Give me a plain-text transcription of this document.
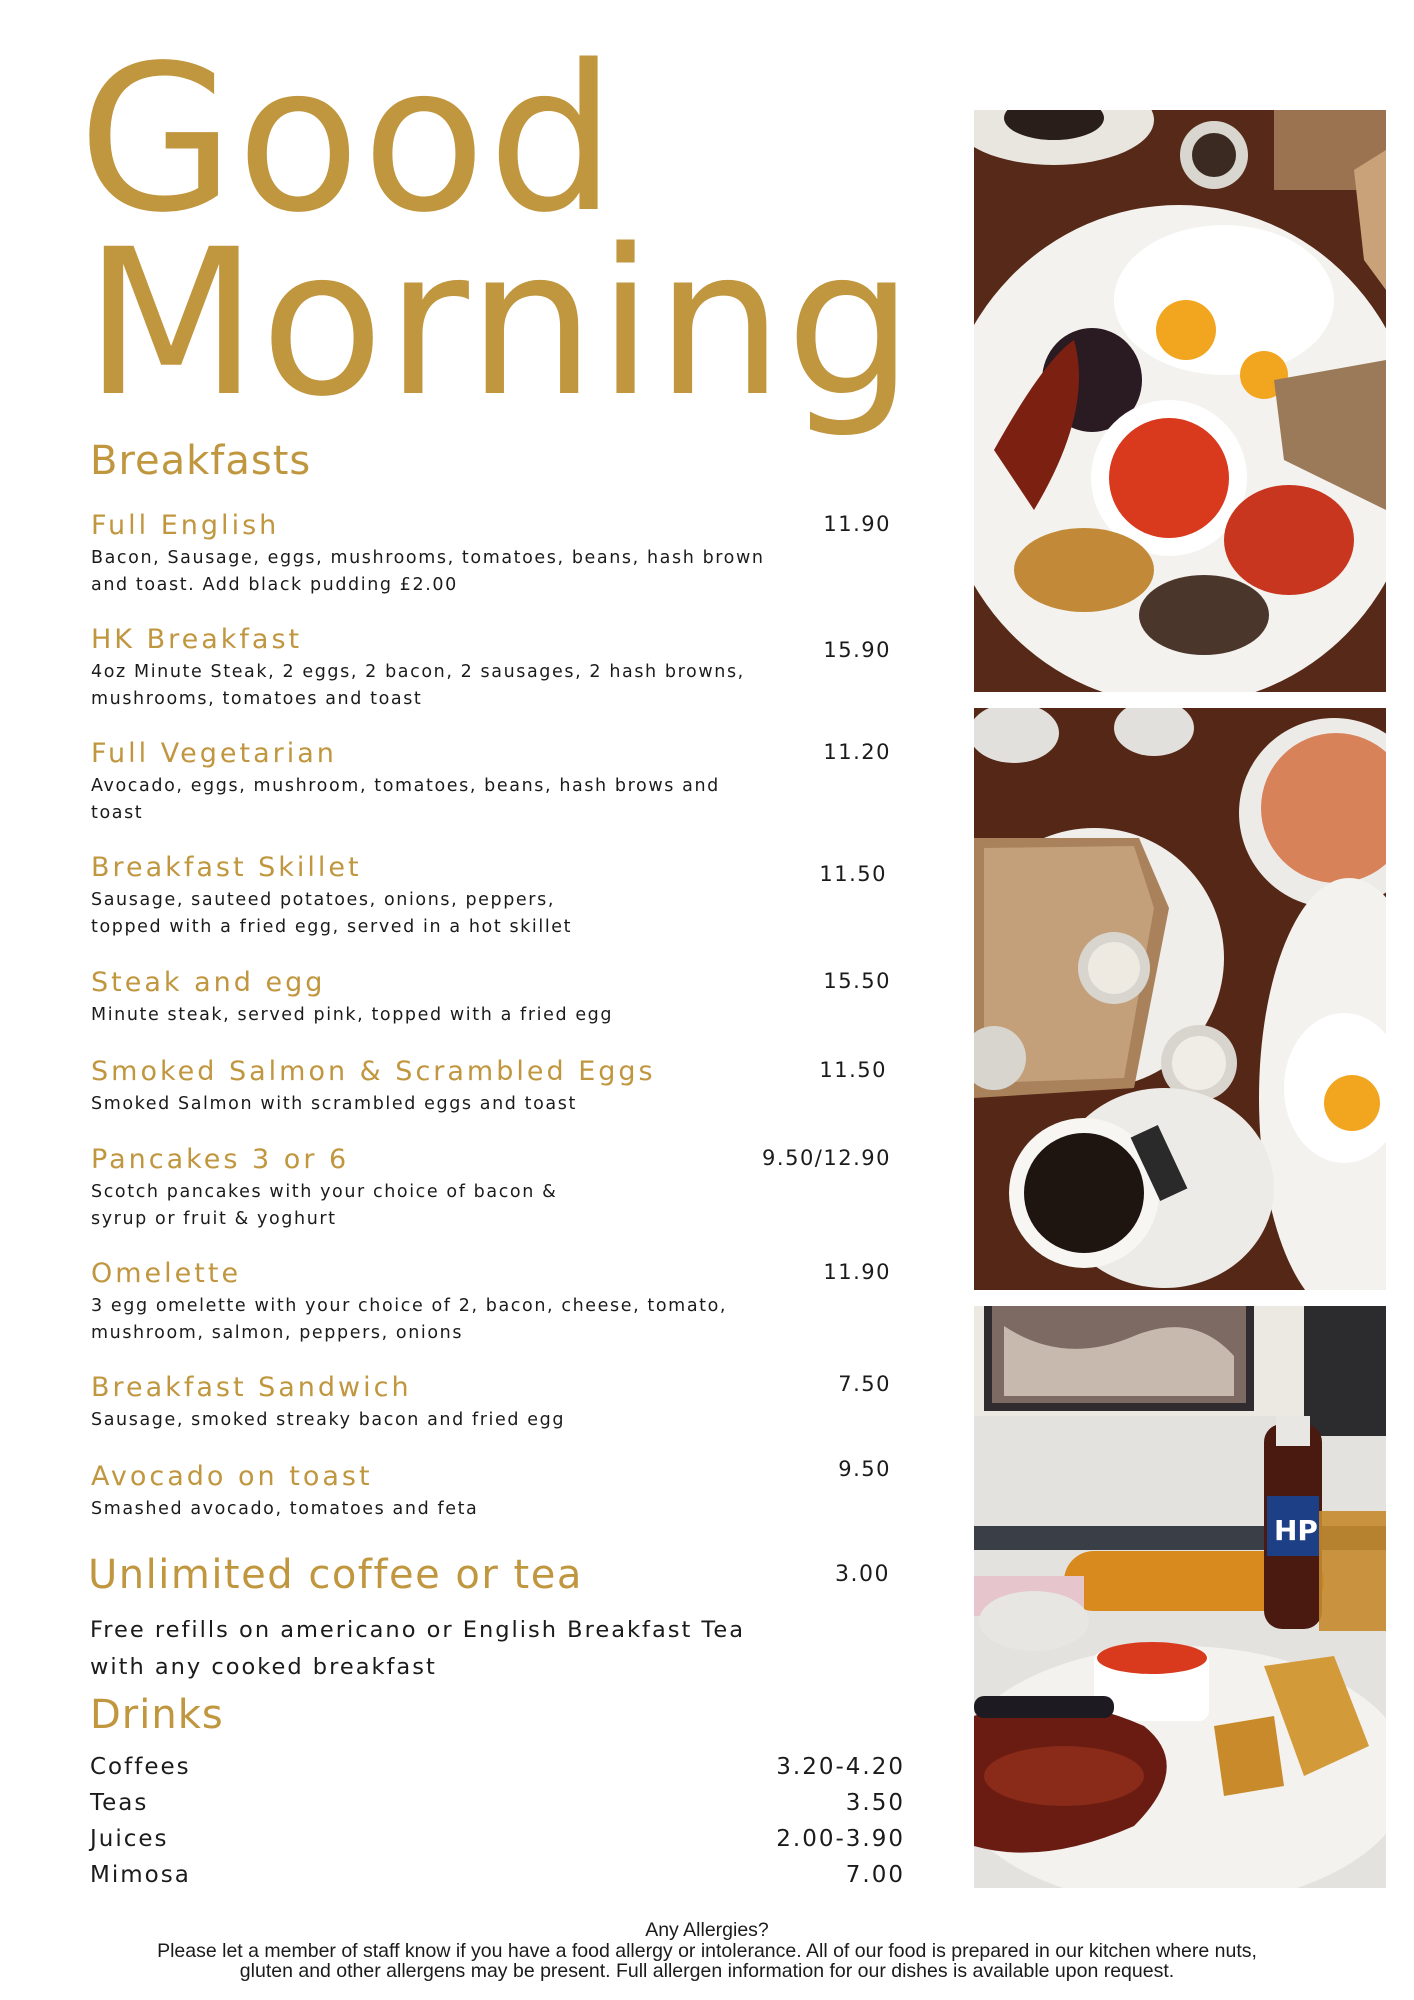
Good
Morning
Breakfasts
Full English
Bacon, Sausage, eggs, mushrooms, tomatoes, beans, hash brown
and toast. Add black pudding £2.00
11.90
HK Breakfast
4oz Minute Steak, 2 eggs, 2 bacon, 2 sausages, 2 hash browns,
mushrooms, tomatoes and toast
15.90
Full Vegetarian
Avocado, eggs, mushroom, tomatoes, beans, hash brows and
toast
11.20
Breakfast Skillet
Sausage, sauteed potatoes, onions, peppers,
topped with a fried egg, served in a hot skillet
11.50
Steak and egg
Minute steak, served pink, topped with a fried egg
15.50
Smoked Salmon & Scrambled Eggs
Smoked Salmon with scrambled eggs and toast
11.50
Pancakes 3 or 6
Scotch pancakes with your choice of bacon &
syrup or fruit & yoghurt
9.50/12.90
Omelette
3 egg omelette with your choice of 2, bacon, cheese, tomato,
mushroom, salmon, peppers, onions
11.90
Breakfast Sandwich
Sausage, smoked streaky bacon and fried egg
7.50
Avocado on toast
Smashed avocado, tomatoes and feta
9.50
Unlimited coffee or tea	3.00
Free refills on americano or English Breakfast Tea
with any cooked breakfast
Drinks
Coffees	3.20-4.20
Teas	3.50
Juices	2.00-3.90
Mimosa	7.00
Any Allergies?
Please let a member of staff know if you have a food allergy or intolerance. All of our food is prepared in our kitchen where nuts,
gluten and other allergens may be present. Full allergen information for our dishes is available upon request.
HP
